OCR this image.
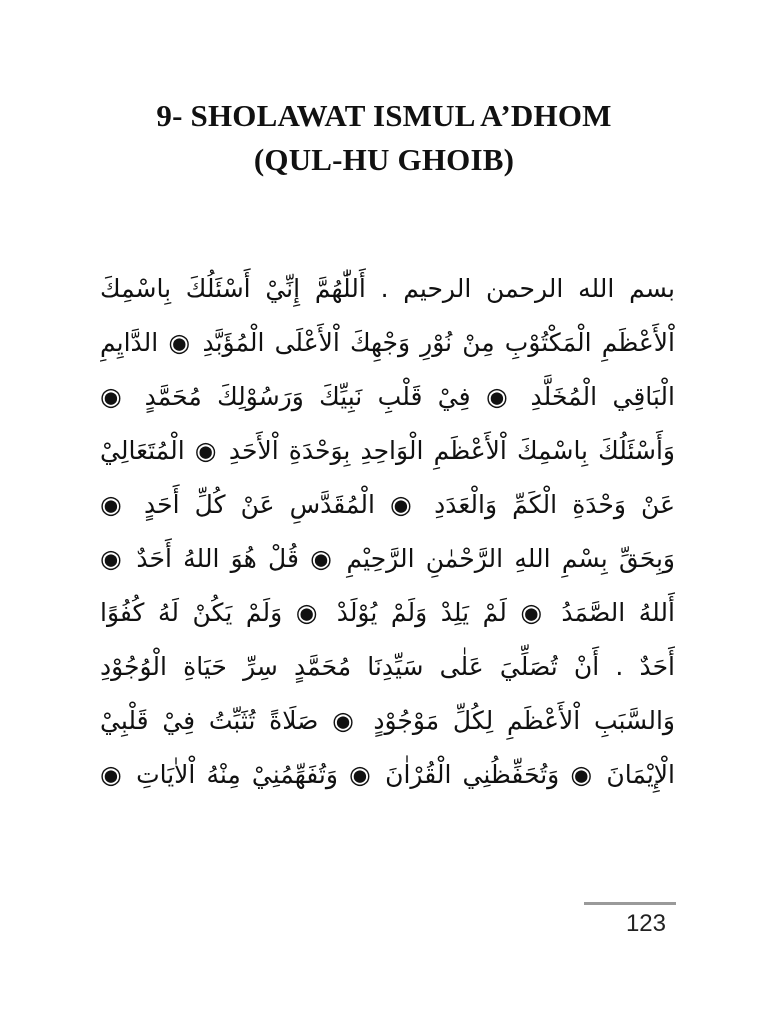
9- SHOLAWAT ISMUL A’DHOM
(QUL-HU GHOIB)
بسم الله الرحمن الرحيم . أَللّٰهُمَّ إِنِّيْ أَسْئَلُكَ بِاسْمِكَ
اْلأَعْظَمِ الْمَكْتُوْبِ مِنْ نُوْرِ وَجْهِكَ اْلأَعْلَى الْمُؤَبَّدِ ◉ الدَّايِمِ
الْبَاقِي الْمُخَلَّدِ ◉ فِيْ قَلْبِ نَبِيِّكَ وَرَسُوْلِكَ مُحَمَّدٍ ◉
وَأَسْئَلُكَ بِاسْمِكَ اْلأَعْظَمِ الْوَاحِدِ بِوَحْدَةِ اْلأَحَدِ ◉ الْمُتَعَالِيْ
عَنْ وَحْدَةِ الْكَمِّ وَالْعَدَدِ ◉ الْمُقَدَّسِ عَنْ كُلِّ أَحَدٍ ◉
وَبِحَقِّ بِسْمِ اللهِ الرَّحْمٰنِ الرَّحِيْمِ ◉ قُلْ هُوَ اللهُ أَحَدٌ ◉
أَللهُ الصَّمَدُ ◉ لَمْ يَلِدْ وَلَمْ يُوْلَدْ ◉ وَلَمْ يَكُنْ لَهُ كُفُوًا
أَحَدٌ . أَنْ تُصَلِّيَ عَلٰى سَيِّدِنَا مُحَمَّدٍ سِرِّ حَيَاةِ الْوُجُوْدِ
وَالسَّبَبِ اْلأَعْظَمِ لِكُلِّ مَوْجُوْدٍ ◉ صَلَاةً تُثَبِّتُ فِيْ قَلْبِيْ
الْإِيْمَانَ ◉ وَتُحَفِّظُنِي الْقُرْاٰنَ ◉ وَتُفَهِّمُنِيْ مِنْهُ اْلاٰيَاتِ ◉
123
